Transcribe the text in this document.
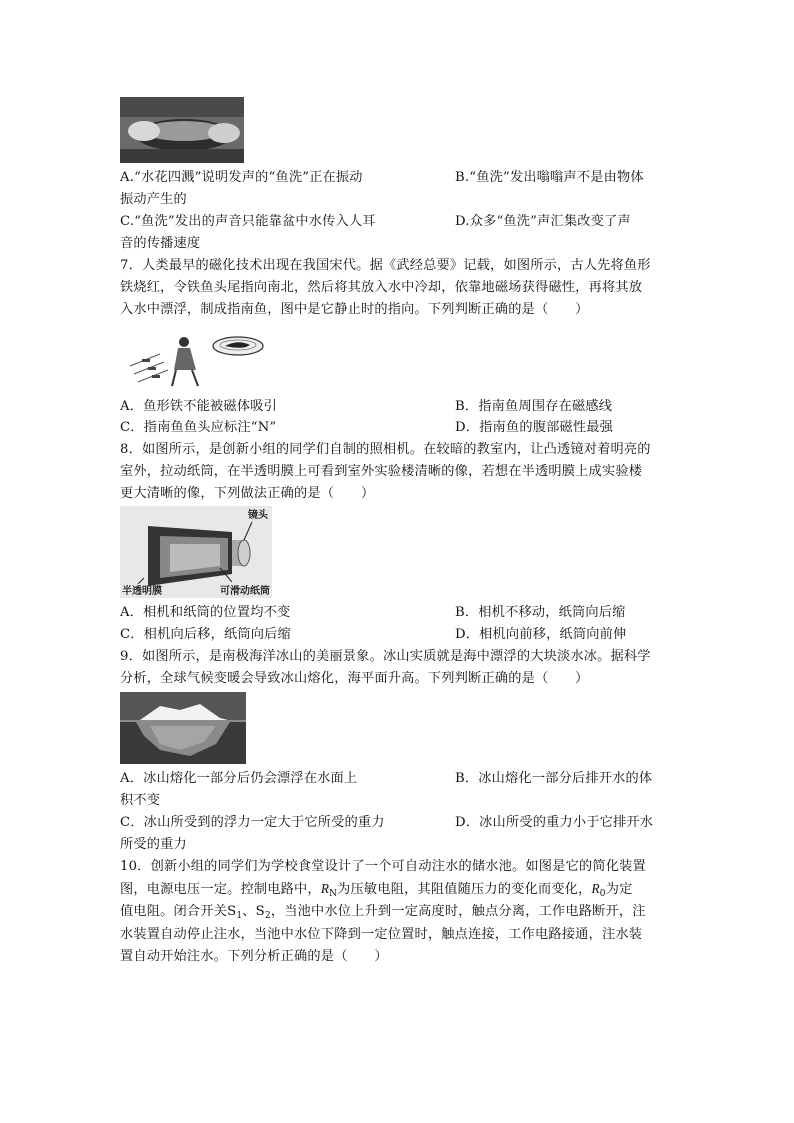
A.“水花四溅”说明发声的“鱼洗”正在振动	B.“鱼洗”发出嗡嗡声不是由物体
振动产生的
C.“鱼洗”发出的声音只能靠盆中水传入人耳	D.众多“鱼洗”声汇集改变了声
音的传播速度
7．人类最早的磁化技术出现在我国宋代。据《武经总要》记载，如图所示，古人先将鱼形
铁烧红，令铁鱼头尾指向南北，然后将其放入水中冷却，依靠地磁场获得磁性，再将其放
入水中漂浮，制成指南鱼，图中是它静止时的指向。下列判断正确的是（　　）
A．鱼形铁不能被磁体吸引	B．指南鱼周围存在磁感线
C．指南鱼鱼头应标注“N”	D．指南鱼的腹部磁性最强
8．如图所示，是创新小组的同学们自制的照相机。在较暗的教室内，让凸透镜对着明亮的
室外，拉动纸筒，在半透明膜上可看到室外实验楼清晰的像，若想在半透明膜上成实验楼
更大清晰的像，下列做法正确的是（　　）
镜头
半透明膜	可滑动纸筒
A．相机和纸筒的位置均不变	B．相机不移动，纸筒向后缩
C．相机向后移，纸筒向后缩	D．相机向前移，纸筒向前伸
9．如图所示，是南极海洋冰山的美丽景象。冰山实质就是海中漂浮的大块淡水冰。据科学
分析，全球气候变暖会导致冰山熔化，海平面升高。下列判断正确的是（　　）
A．冰山熔化一部分后仍会漂浮在水面上	B．冰山熔化一部分后排开水的体
积不变
C．冰山所受到的浮力一定大于它所受的重力	D．冰山所受的重力小于它排开水
所受的重力
10．创新小组的同学们为学校食堂设计了一个可自动注水的储水池。如图是它的简化装置
图，电源电压一定。控制电路中，$R_N$为压敏电阻，其阻值随压力的变化而变化，$R_0$为定
值电阻。闭合开关$S_1$、$S_2$，当池中水位上升到一定高度时，触点分离，工作电路断开，注
水装置自动停止注水，当池中水位下降到一定位置时，触点连接，工作电路接通，注水装
置自动开始注水。下列分析正确的是（　　）
